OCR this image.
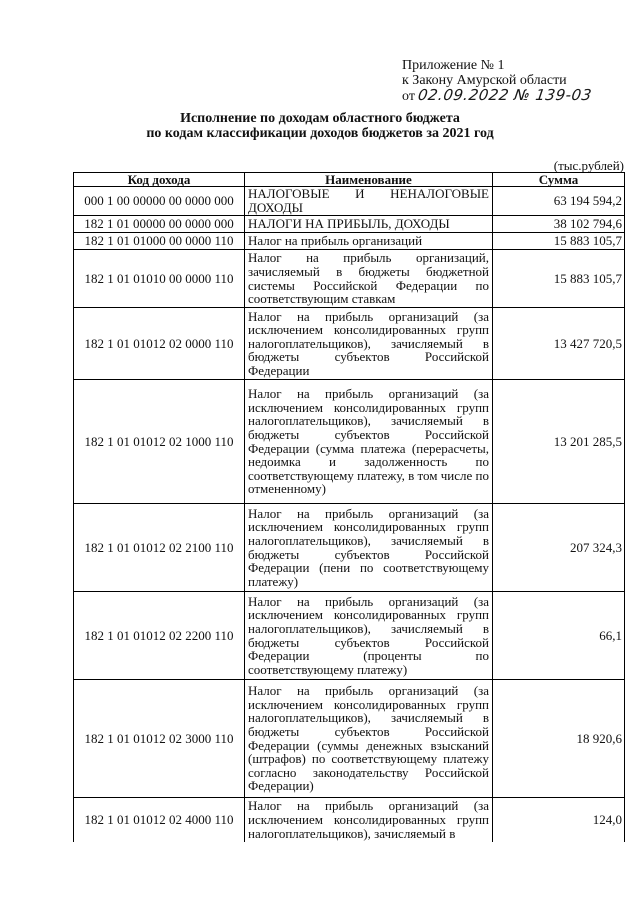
Приложение № 1
к Закону Амурской области
от 02.09.2022 № 139-03
Исполнение по доходам областного бюджета
по кодам классификации доходов бюджетов за 2021 год
(тыс.рублей)
Код дохода	Наименование	Сумма
000 1 00 00000 00 0000 000	НАЛОГОВЫЕ И НЕНАЛОГОВЫЕ ДОХОДЫ	63 194 594,2
182 1 01 00000 00 0000 000	НАЛОГИ НА ПРИБЫЛЬ, ДОХОДЫ	38 102 794,6
182 1 01 01000 00 0000 110	Налог на прибыль организаций	15 883 105,7
182 1 01 01010 00 0000 110	Налог на прибыль организаций, зачисляемый в бюджеты бюджетной системы Российской Федерации по соответствующим ставкам	15 883 105,7
182 1 01 01012 02 0000 110	Налог на прибыль организаций (за исключением консолидированных групп налогоплательщиков), зачисляемый в бюджеты субъектов Российской Федерации	13 427 720,5
182 1 01 01012 02 1000 110	Налог на прибыль организаций (за исключением консолидированных групп налогоплательщиков), зачисляемый в бюджеты субъектов Российской Федерации (сумма платежа (перерасчеты, недоимка и задолженность по соответствующему платежу, в том числе по отмененному)	13 201 285,5
182 1 01 01012 02 2100 110	Налог на прибыль организаций (за исключением консолидированных групп налогоплательщиков), зачисляемый в бюджеты субъектов Российской Федерации (пени по соответствующему платежу)	207 324,3
182 1 01 01012 02 2200 110	Налог на прибыль организаций (за исключением консолидированных групп налогоплательщиков), зачисляемый в бюджеты субъектов Российской Федерации (проценты по соответствующему платежу)	66,1
182 1 01 01012 02 3000 110	Налог на прибыль организаций (за исключением консолидированных групп налогоплательщиков), зачисляемый в бюджеты субъектов Российской Федерации (суммы денежных взысканий (штрафов) по соответствующему платежу согласно законодательству Российской Федерации)	18 920,6
182 1 01 01012 02 4000 110	Налог на прибыль организаций (за исключением консолидированных групп налогоплательщиков), зачисляемый в	124,0
